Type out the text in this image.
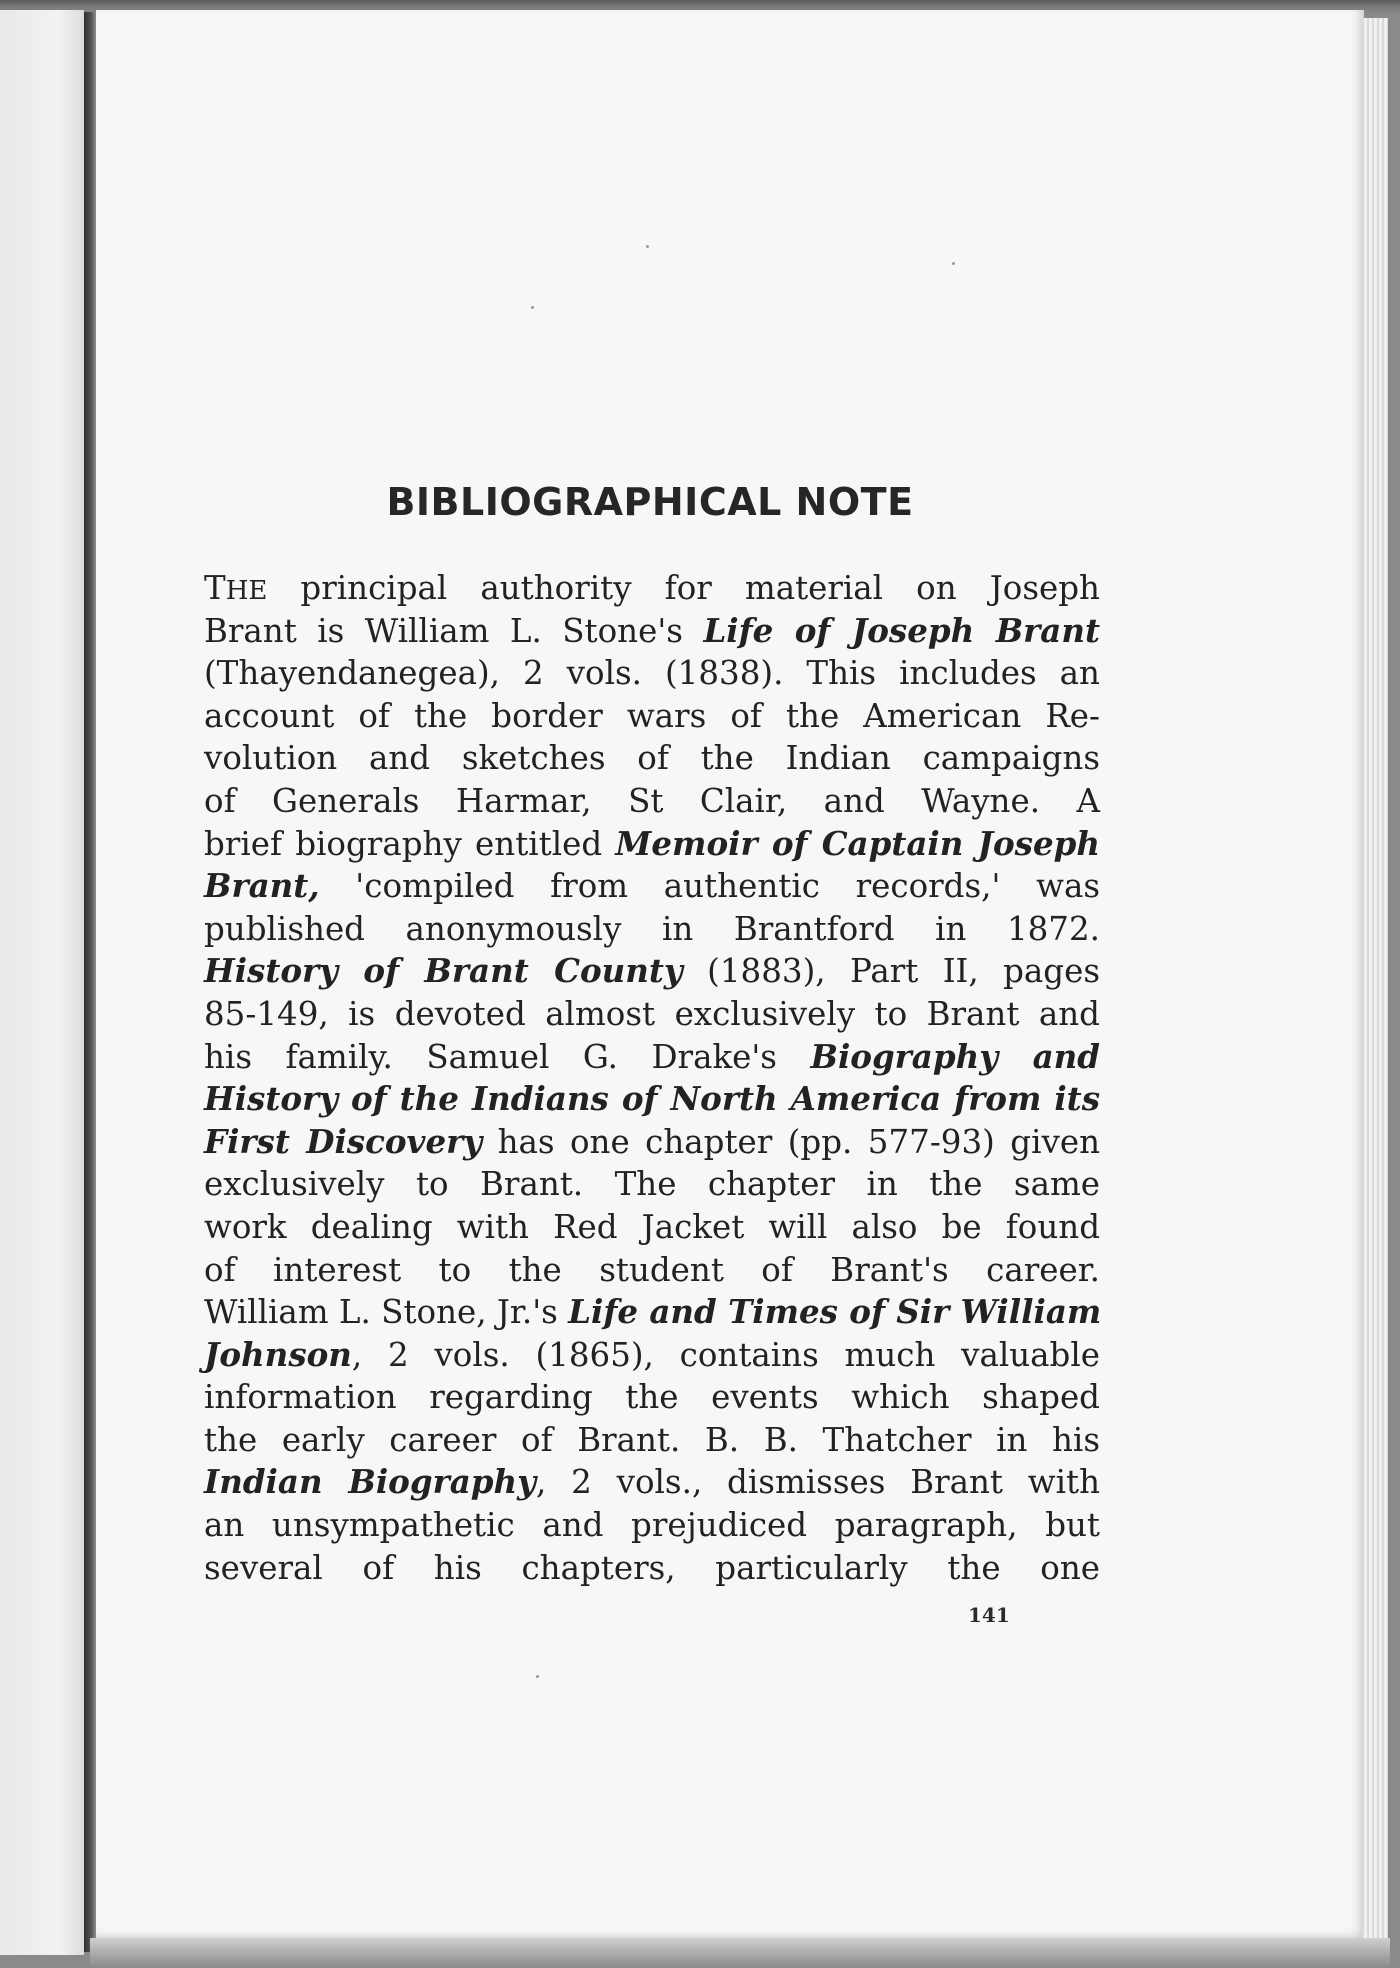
BIBLIOGRAPHICAL NOTE
THE principal authority for material on Joseph
Brant is William L. Stone's Life of Joseph Brant
(Thayendanegea), 2 vols. (1838). This includes an
account of the border wars of the American Re-
volution and sketches of the Indian campaigns
of Generals Harmar, St Clair, and Wayne. A
brief biography entitled Memoir of Captain Joseph
Brant, 'compiled from authentic records,' was
published anonymously in Brantford in 1872.
History of Brant County (1883), Part II, pages
85-149, is devoted almost exclusively to Brant and
his family. Samuel G. Drake's Biography and
History of the Indians of North America from its
First Discovery has one chapter (pp. 577-93) given
exclusively to Brant. The chapter in the same
work dealing with Red Jacket will also be found
of interest to the student of Brant's career.
William L. Stone, Jr.'s Life and Times of Sir William
Johnson, 2 vols. (1865), contains much valuable
information regarding the events which shaped
the early career of Brant. B. B. Thatcher in his
Indian Biography, 2 vols., dismisses Brant with
an unsympathetic and prejudiced paragraph, but
several of his chapters, particularly the one
141
